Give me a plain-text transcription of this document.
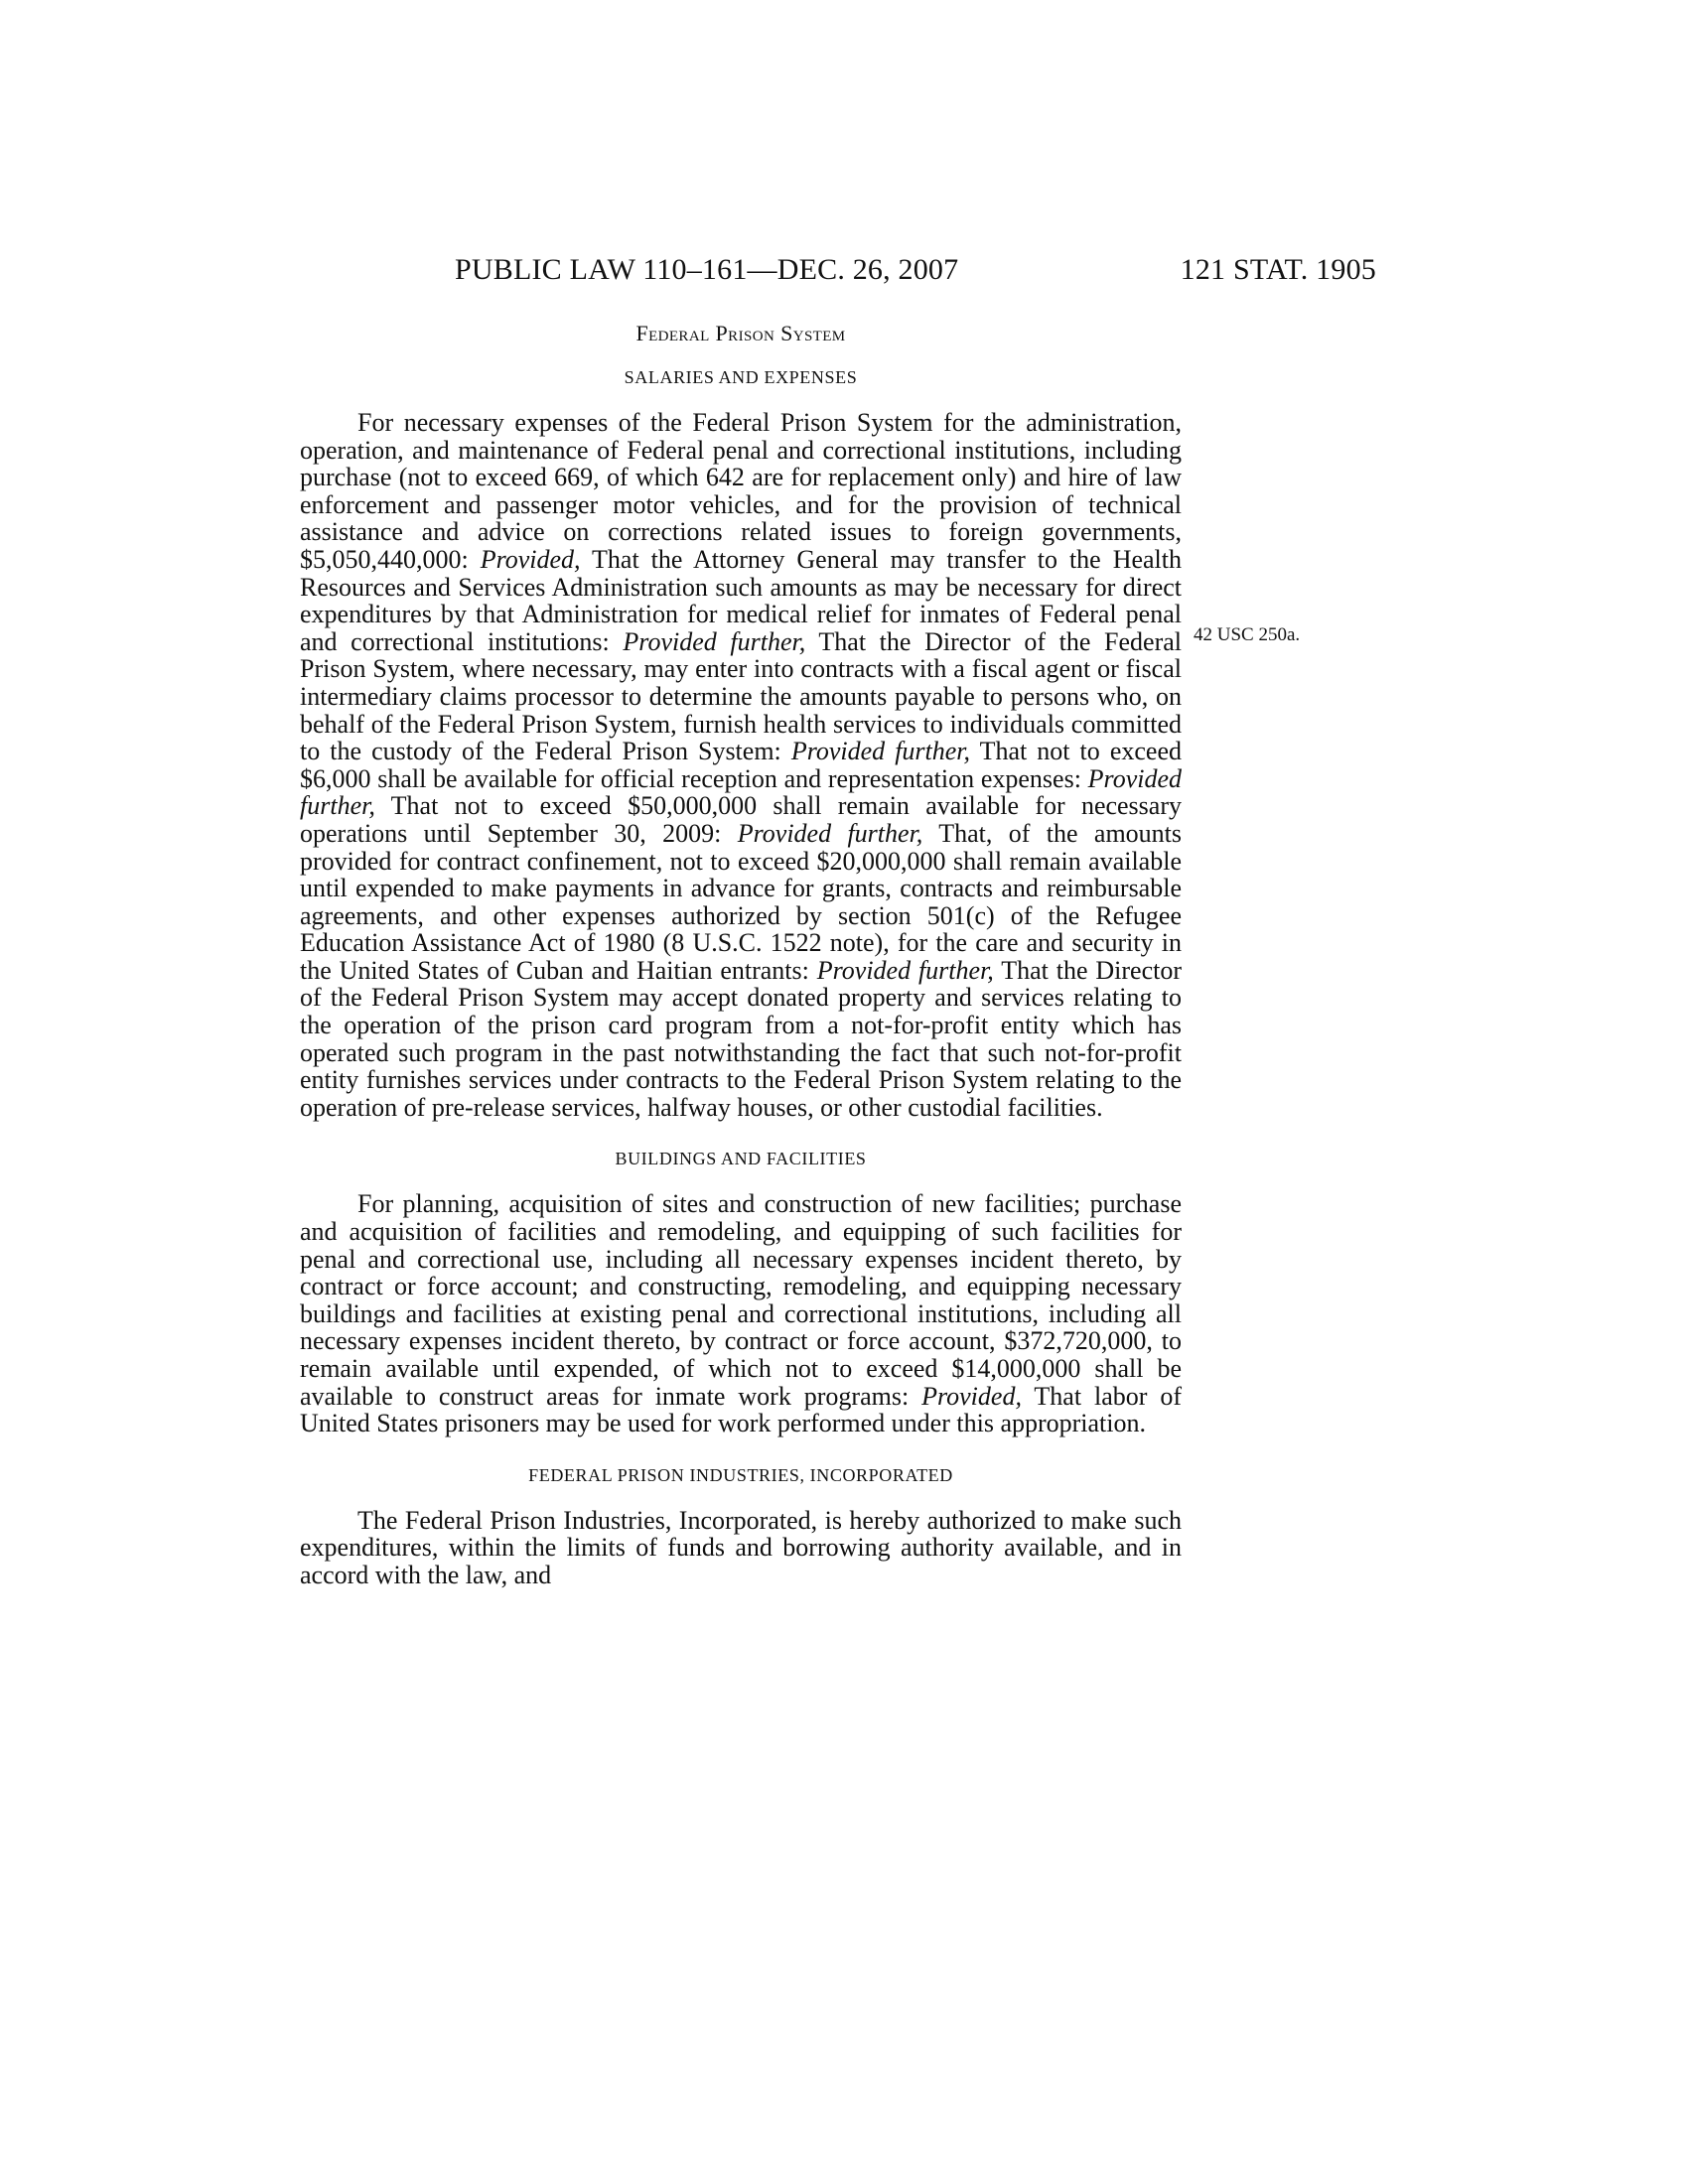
PUBLIC LAW 110–161—DEC. 26, 2007	121 STAT. 1905
42 USC 250a.
Federal Prison System
SALARIES AND EXPENSES

For necessary expenses of the Federal Prison System for the administration, operation, and maintenance of Federal penal and correctional institutions, including purchase (not to exceed 669, of which 642 are for replacement only) and hire of law enforcement and passenger motor vehicles, and for the provision of technical assistance and advice on corrections related issues to foreign governments, $5,050,440,000: Provided, That the Attorney General may transfer to the Health Resources and Services Administration such amounts as may be necessary for direct expenditures by that Administration for medical relief for inmates of Federal penal and correctional institutions: Provided further, That the Director of the Federal Prison System, where necessary, may enter into contracts with a fiscal agent or fiscal intermediary claims processor to determine the amounts payable to persons who, on behalf of the Federal Prison System, furnish health services to individuals committed to the custody of the Federal Prison System: Provided further, That not to exceed $6,000 shall be available for official reception and representation expenses: Provided further, That not to exceed $50,000,000 shall remain available for necessary operations until September 30, 2009: Provided further, That, of the amounts provided for contract confinement, not to exceed $20,000,000 shall remain available until expended to make payments in advance for grants, contracts and reimbursable agreements, and other expenses authorized by section 501(c) of the Refugee Education Assistance Act of 1980 (8 U.S.C. 1522 note), for the care and security in the United States of Cuban and Haitian entrants: Provided further, That the Director of the Federal Prison System may accept donated property and services relating to the operation of the prison card program from a not-for-profit entity which has operated such program in the past notwithstanding the fact that such not-for-profit entity furnishes services under contracts to the Federal Prison System relating to the operation of pre-release services, halfway houses, or other custodial facilities.

BUILDINGS AND FACILITIES

For planning, acquisition of sites and construction of new facilities; purchase and acquisition of facilities and remodeling, and equipping of such facilities for penal and correctional use, including all necessary expenses incident thereto, by contract or force account; and constructing, remodeling, and equipping necessary buildings and facilities at existing penal and correctional institutions, including all necessary expenses incident thereto, by contract or force account, $372,720,000, to remain available until expended, of which not to exceed $14,000,000 shall be available to construct areas for inmate work programs: Provided, That labor of United States prisoners may be used for work performed under this appropriation.

FEDERAL PRISON INDUSTRIES, INCORPORATED

The Federal Prison Industries, Incorporated, is hereby authorized to make such expenditures, within the limits of funds and borrowing authority available, and in accord with the law, and
